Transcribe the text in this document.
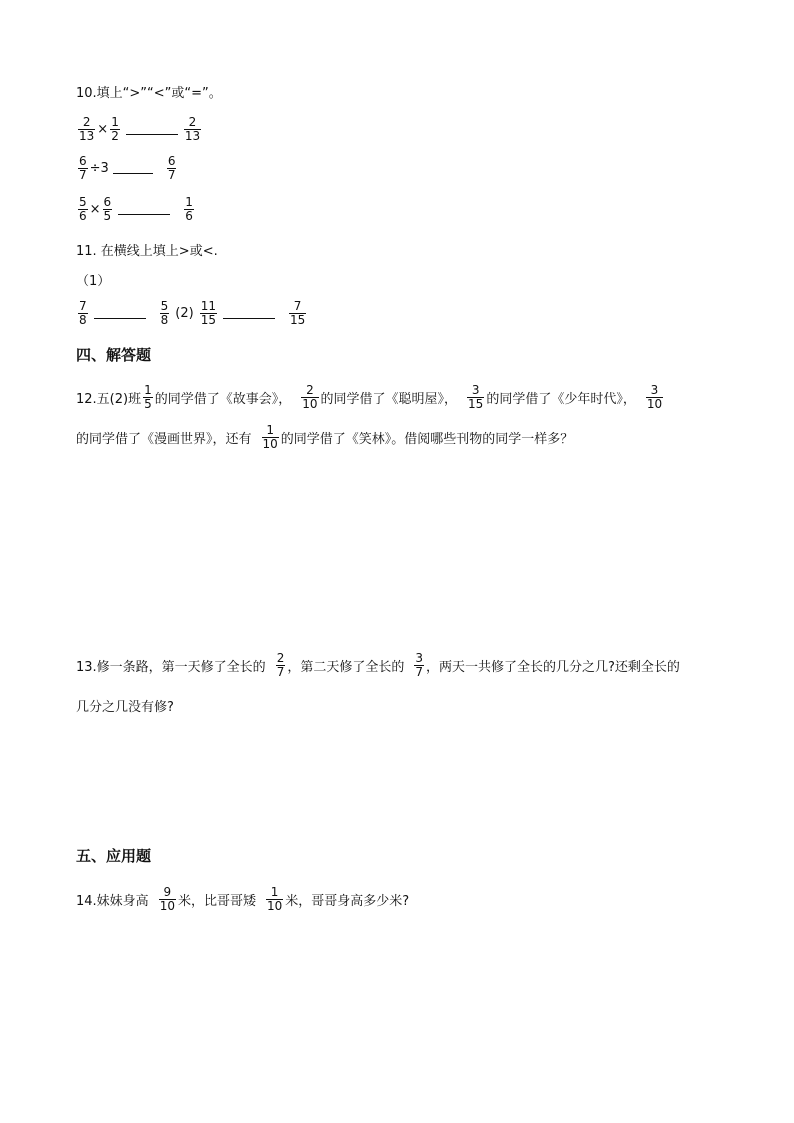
10.填上“>”“<”或“=”。
$\frac{2}{13} \times \frac{1}{2}$	$\frac{2}{13}$
$\frac{6}{7} \div 3$	$\frac{6}{7}$
$\frac{5}{6} \times \frac{6}{5}$	$\frac{1}{6}$
11. 在横线上填上>或<.
（1）
$\frac{7}{8}$	$\frac{5}{8} (2) \frac{11}{15}$	$\frac{7}{15}$
四、解答题
12.五(2)班 $\frac{1}{5}$ 的同学借了《故事会》， $\frac{2}{10}$ 的同学借了《聪明屋》， $\frac{3}{15}$ 的同学借了《少年时代》， $\frac{3}{10}$
的同学借了《漫画世界》，还有 $\frac{1}{10}$ 的同学借了《笑林》。借阅哪些刊物的同学一样多？
13.修一条路，第一天修了全长的 $\frac{2}{7}$ ，第二天修了全长的 $\frac{3}{7}$ ，两天一共修了全长的几分之几?还剩全长的
几分之几没有修?
五、应用题
14.妹妹身高 $\frac{9}{10}$ 米，比哥哥矮 $\frac{1}{10}$ 米，哥哥身高多少米?
